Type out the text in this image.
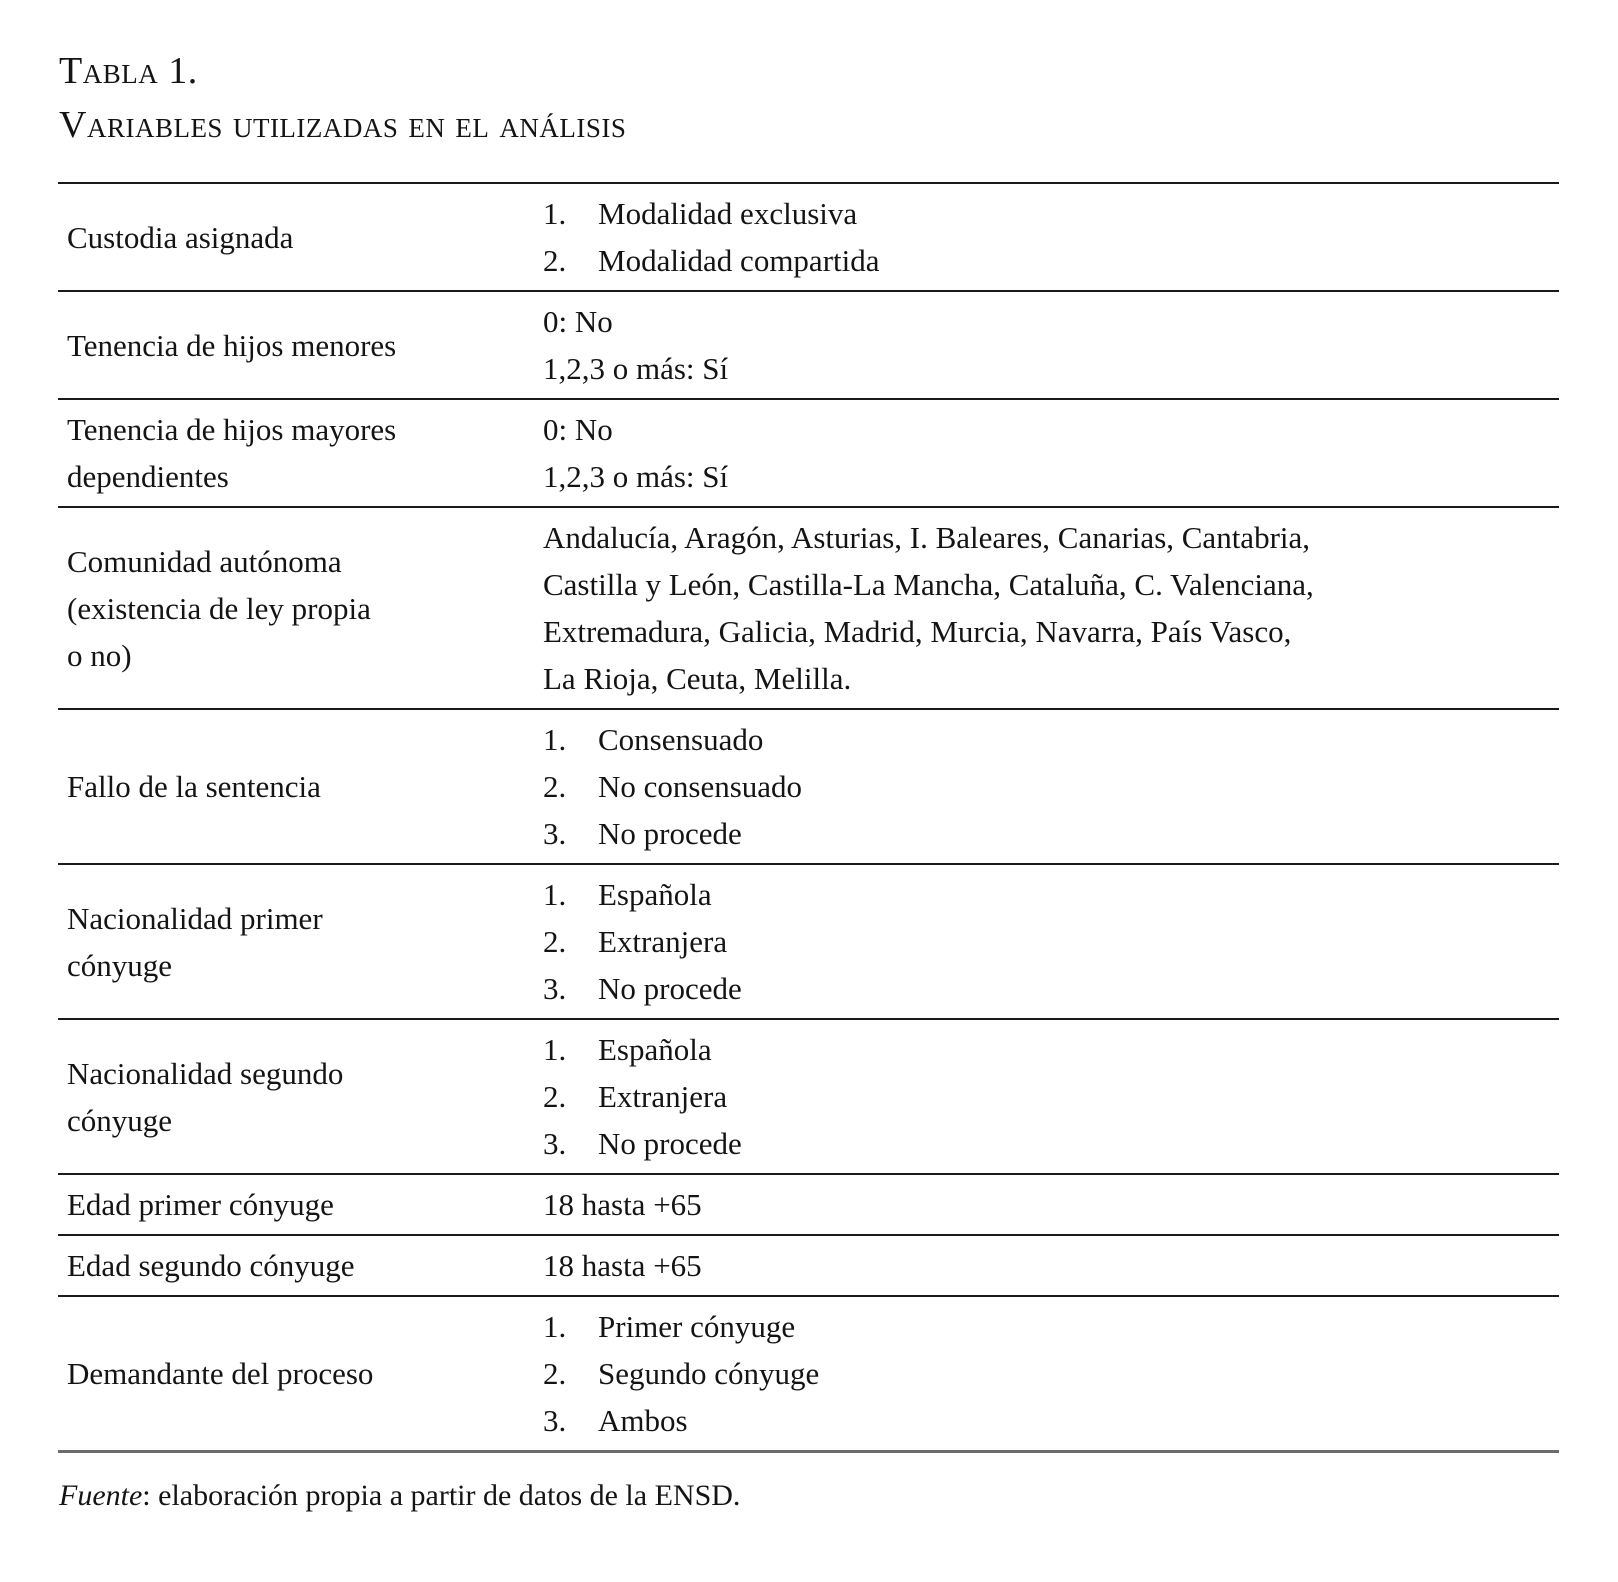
Tabla 1.
Variables utilizadas en el análisis
Custodia asignada
1. Modalidad exclusiva
2. Modalidad compartida
Tenencia de hijos menores
0: No
1,2,3 o más: Sí
Tenencia de hijos mayores
dependientes
0: No
1,2,3 o más: Sí
Comunidad autónoma
(existencia de ley propia
o no)
Andalucía, Aragón, Asturias, I. Baleares, Canarias, Cantabria,
Castilla y León, Castilla-La Mancha, Cataluña, C. Valenciana,
Extremadura, Galicia, Madrid, Murcia, Navarra, País Vasco,
La Rioja, Ceuta, Melilla.
Fallo de la sentencia
1. Consensuado
2. No consensuado
3. No procede
Nacionalidad primer
cónyuge
1. Española
2. Extranjera
3. No procede
Nacionalidad segundo
cónyuge
1. Española
2. Extranjera
3. No procede
Edad primer cónyuge	18 hasta +65
Edad segundo cónyuge	18 hasta +65
Demandante del proceso
1. Primer cónyuge
2. Segundo cónyuge
3. Ambos
Fuente: elaboración propia a partir de datos de la ENSD.
